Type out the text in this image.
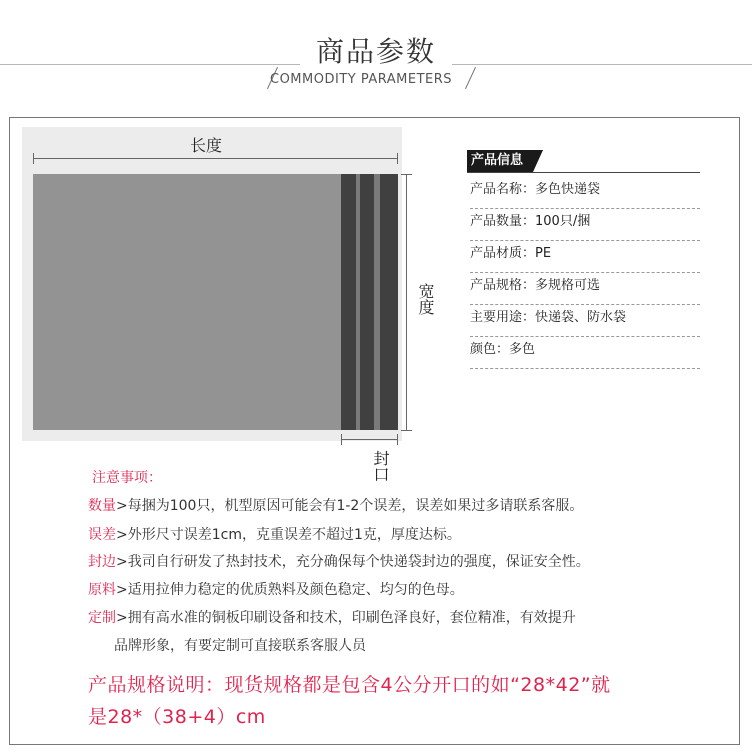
商品参数
COMMODITY PARAMETERS
长度
宽度
封口
产品信息
产品名称：多色快递袋
产品数量：100只/捆
产品材质：PE
产品规格：多规格可选
主要用途：快递袋、防水袋
颜色：多色
注意事项：
数量>每捆为100只，机型原因可能会有1-2个误差，误差如果过多请联系客服。
误差>外形尺寸误差1cm，克重误差不超过1克，厚度达标。
封边>我司自行研发了热封技术，充分确保每个快递袋封边的强度，保证安全性。
原料>适用拉伸力稳定的优质熟料及颜色稳定、均匀的色母。
定制>拥有高水准的铜板印刷设备和技术，印刷色泽良好，套位精准，有效提升
品牌形象，有要定制可直接联系客服人员
产品规格说明：现货规格都是包含4公分开口的如“28*42”就
是28*（38+4）cm
